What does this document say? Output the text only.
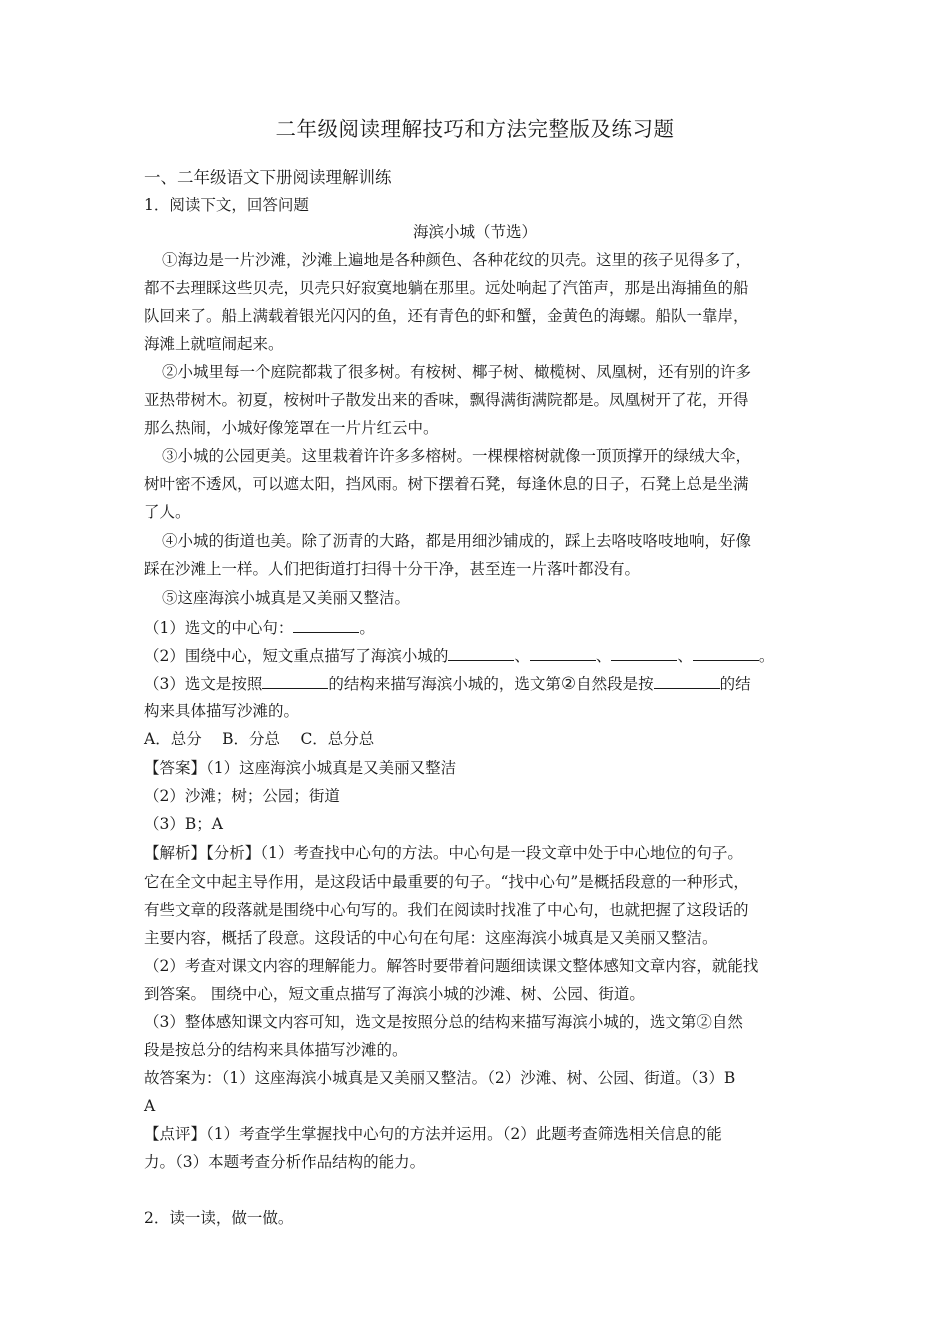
二年级阅读理解技巧和方法完整版及练习题
一、二年级语文下册阅读理解训练
1．阅读下文，回答问题
海滨小城（节选）
①海边是一片沙滩，沙滩上遍地是各种颜色、各种花纹的贝壳。这里的孩子见得多了，
都不去理睬这些贝壳，贝壳只好寂寞地躺在那里。远处响起了汽笛声，那是出海捕鱼的船
队回来了。船上满载着银光闪闪的鱼，还有青色的虾和蟹，金黄色的海螺。船队一靠岸，
海滩上就喧闹起来。
②小城里每一个庭院都栽了很多树。有桉树、椰子树、橄榄树、凤凰树，还有别的许多
亚热带树木。初夏，桉树叶子散发出来的香味，飘得满街满院都是。凤凰树开了花，开得
那么热闹，小城好像笼罩在一片片红云中。
③小城的公园更美。这里栽着许许多多榕树。一棵棵榕树就像一顶顶撑开的绿绒大伞，
树叶密不透风，可以遮太阳，挡风雨。树下摆着石凳，每逢休息的日子，石凳上总是坐满
了人。
④小城的街道也美。除了沥青的大路，都是用细沙铺成的，踩上去咯吱咯吱地响，好像
踩在沙滩上一样。人们把街道打扫得十分干净，甚至连一片落叶都没有。
⑤这座海滨小城真是又美丽又整洁。
（1）选文的中心句：	。
（2）围绕中心，短文重点描写了海滨小城的	、	、	、	。
（3）选文是按照	的结构来描写海滨小城的，选文第②自然段是按	的结
构来具体描写沙滩的。
A．总分　 B．分总　 C．总分总
【答案】（1）这座海滨小城真是又美丽又整洁
（2）沙滩；树；公园；街道
（3）B；A
【解析】【分析】（1）考查找中心句的方法。中心句是一段文章中处于中心地位的句子。
它在全文中起主导作用，是这段话中最重要的句子。“找中心句”是概括段意的一种形式，
有些文章的段落就是围绕中心句写的。我们在阅读时找准了中心句，也就把握了这段话的
主要内容，概括了段意。这段话的中心句在句尾：这座海滨小城真是又美丽又整洁。
（2）考查对课文内容的理解能力。解答时要带着问题细读课文整体感知文章内容，就能找
到答案。 围绕中心，短文重点描写了海滨小城的沙滩、树、公园、街道。
（3）整体感知课文内容可知，选文是按照分总的结构来描写海滨小城的，选文第②自然
段是按总分的结构来具体描写沙滩的。
故答案为：（1）这座海滨小城真是又美丽又整洁。（2）沙滩、树、公园、街道。（3）B
A
【点评】（1）考查学生掌握找中心句的方法并运用。（2）此题考查筛选相关信息的能
力。（3）本题考查分析作品结构的能力。
2．读一读，做一做。
